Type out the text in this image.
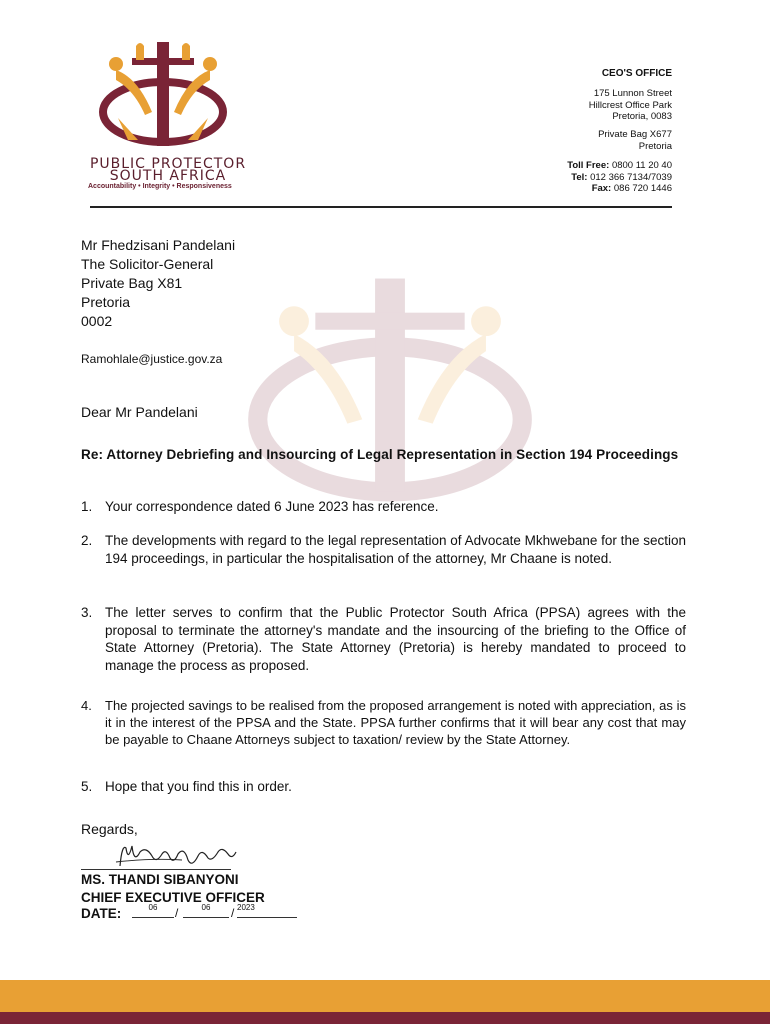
PUBLIC PROTECTOR
SOUTH AFRICA
Accountability • Integrity • Responsiveness
CEO'S OFFICE
175 Lunnon Street
Hillcrest Office Park
Pretoria, 0083
Private Bag X677
Pretoria
Toll Free: 0800 11 20 40
Tel: 012 366 7134/7039
Fax: 086 720 1446
Mr Fhedzisani Pandelani
The Solicitor-General
Private Bag X81
Pretoria
0002
Ramohlale@justice.gov.za
Dear Mr Pandelani
Re: Attorney Debriefing and Insourcing of Legal Representation in Section 194 Proceedings
1. Your correspondence dated 6 June 2023 has reference.
2. The developments with regard to the legal representation of Advocate Mkhwebane for the section 194 proceedings, in particular the hospitalisation of the attorney, Mr Chaane is noted.
3. The letter serves to confirm that the Public Protector South Africa (PPSA) agrees with the proposal to terminate the attorney's mandate and the insourcing of the briefing to the Office of State Attorney (Pretoria). The State Attorney (Pretoria) is hereby mandated to proceed to manage the process as proposed.
4. The projected savings to be realised from the proposed arrangement is noted with appreciation, as is it in the interest of the PPSA and the State. PPSA further confirms that it will bear any cost that may be payable to Chaane Attorneys subject to taxation/ review by the State Attorney.
5. Hope that you find this in order.
Regards,
MS. THANDI SIBANYONI
CHIEF EXECUTIVE OFFICER
DATE:	06	/	06	/ 2023
